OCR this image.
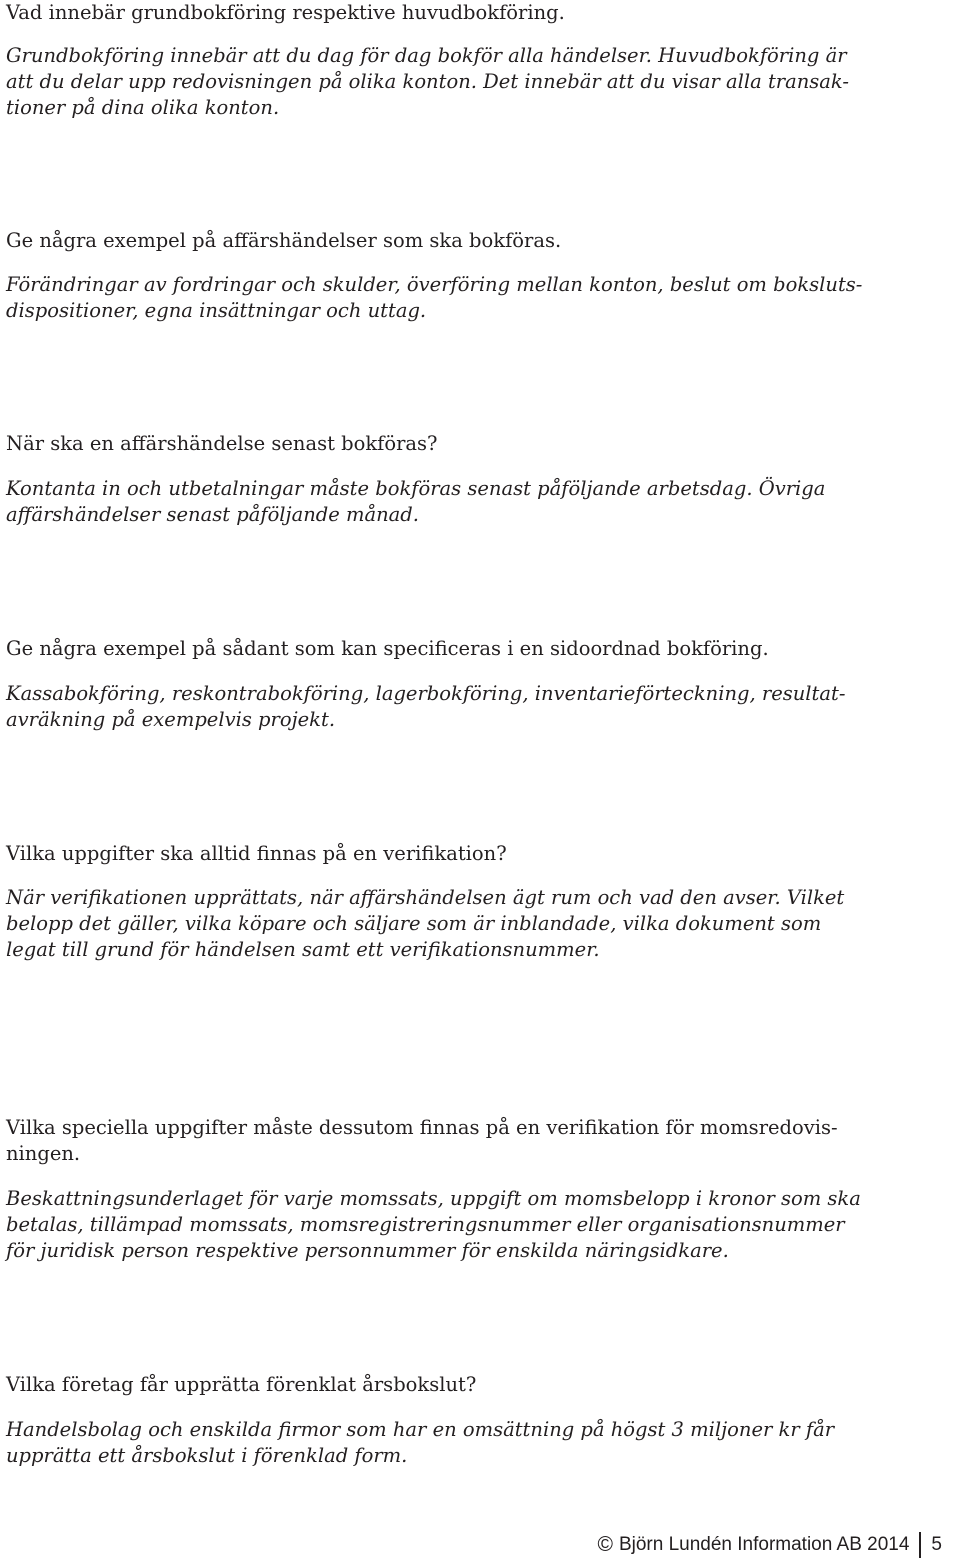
Vad innebär grundbokföring respektive huvudbokföring.

Grundbokföring innebär att du dag för dag bokför alla händelser. Huvudbokföring är
att du delar upp redovisningen på olika konton. Det innebär att du visar alla transak-
tioner på dina olika konton.

Ge några exempel på affärshändelser som ska bokföras.

Förändringar av fordringar och skulder, överföring mellan konton, beslut om boksluts-
dispositioner, egna insättningar och uttag.

När ska en affärshändelse senast bokföras?

Kontanta in och utbetalningar måste bokföras senast påföljande arbetsdag. Övriga
affärshändelser senast påföljande månad.

Ge några exempel på sådant som kan specificeras i en sidoordnad bokföring.

Kassabokföring, reskontrabokföring, lagerbokföring, inventarieförteckning, resultat-
avräkning på exempelvis projekt.

Vilka uppgifter ska alltid finnas på en verifikation?

När verifikationen upprättats, när affärshändelsen ägt rum och vad den avser. Vilket
belopp det gäller, vilka köpare och säljare som är inblandade, vilka dokument som
legat till grund för händelsen samt ett verifikationsnummer.

Vilka speciella uppgifter måste dessutom finnas på en verifikation för momsredovis-
ningen.

Beskattningsunderlaget för varje momssats, uppgift om momsbelopp i kronor som ska
betalas, tillämpad momssats, momsregistreringsnummer eller organisationsnummer
för juridisk person respektive personnummer för enskilda näringsidkare.

Vilka företag får upprätta förenklat årsbokslut?

Handelsbolag och enskilda firmor som har en omsättning på högst 3 miljoner kr får
upprätta ett årsbokslut i förenklad form.

© Björn Lundén Information AB 2014 5
